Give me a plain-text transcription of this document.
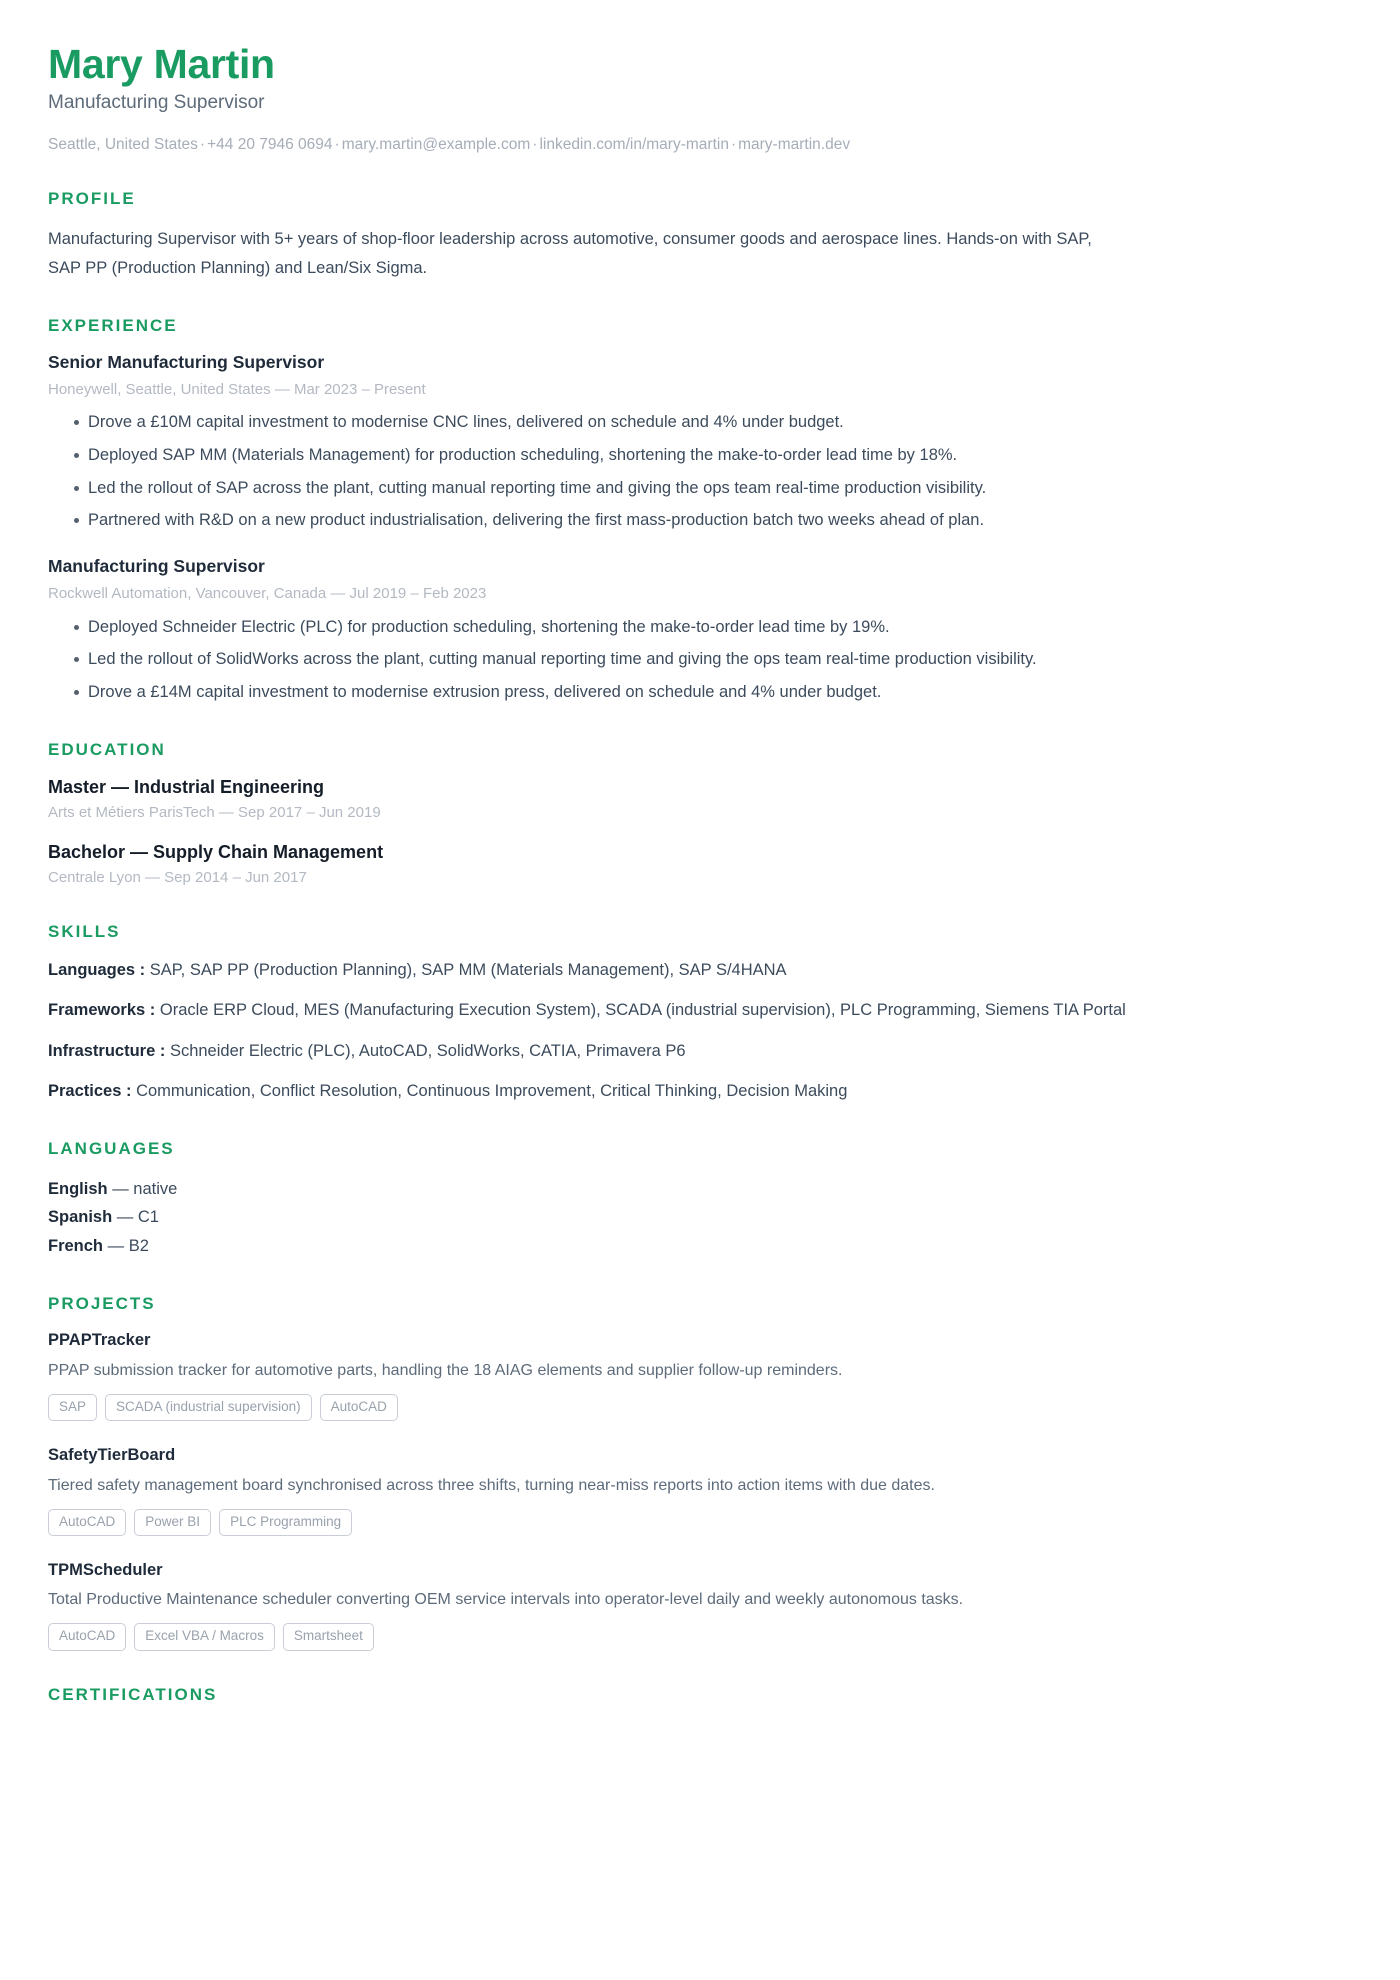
Mary Martin
Manufacturing Supervisor
Seattle, United States · +44 20 7946 0694 · mary.martin@example.com · linkedin.com/in/mary-martin · mary-martin.dev
PROFILE

Manufacturing Supervisor with 5+ years of shop-floor leadership across automotive, consumer goods and aerospace lines. Hands-on with SAP, SAP PP (Production Planning) and Lean/Six Sigma.

EXPERIENCE
Senior Manufacturing Supervisor
Honeywell, Seattle, United States — Mar 2023 – Present
Drove a £10M capital investment to modernise CNC lines, delivered on schedule and 4% under budget.
Deployed SAP MM (Materials Management) for production scheduling, shortening the make-to-order lead time by 18%.
Led the rollout of SAP across the plant, cutting manual reporting time and giving the ops team real-time production visibility.
Partnered with R&D on a new product industrialisation, delivering the first mass-production batch two weeks ahead of plan.
Manufacturing Supervisor
Rockwell Automation, Vancouver, Canada — Jul 2019 – Feb 2023
Deployed Schneider Electric (PLC) for production scheduling, shortening the make-to-order lead time by 19%.
Led the rollout of SolidWorks across the plant, cutting manual reporting time and giving the ops team real-time production visibility.
Drove a £14M capital investment to modernise extrusion press, delivered on schedule and 4% under budget.
EDUCATION
Master — Industrial Engineering
Arts et Métiers ParisTech — Sep 2017 – Jun 2019
Bachelor — Supply Chain Management
Centrale Lyon — Sep 2014 – Jun 2017
SKILLS
Languages : SAP, SAP PP (Production Planning), SAP MM (Materials Management), SAP S/4HANA
Frameworks : Oracle ERP Cloud, MES (Manufacturing Execution System), SCADA (industrial supervision), PLC Programming, Siemens TIA Portal
Infrastructure : Schneider Electric (PLC), AutoCAD, SolidWorks, CATIA, Primavera P6
Practices : Communication, Conflict Resolution, Continuous Improvement, Critical Thinking, Decision Making
LANGUAGES
English — native
Spanish — C1
French — B2
PROJECTS
PPAPTracker
PPAP submission tracker for automotive parts, handling the 18 AIAG elements and supplier follow-up reminders.
SAP	SCADA (industrial supervision)	AutoCAD
SafetyTierBoard
Tiered safety management board synchronised across three shifts, turning near-miss reports into action items with due dates.
AutoCAD	Power BI	PLC Programming
TPMScheduler
Total Productive Maintenance scheduler converting OEM service intervals into operator-level daily and weekly autonomous tasks.
AutoCAD	Excel VBA / Macros	Smartsheet
CERTIFICATIONS
